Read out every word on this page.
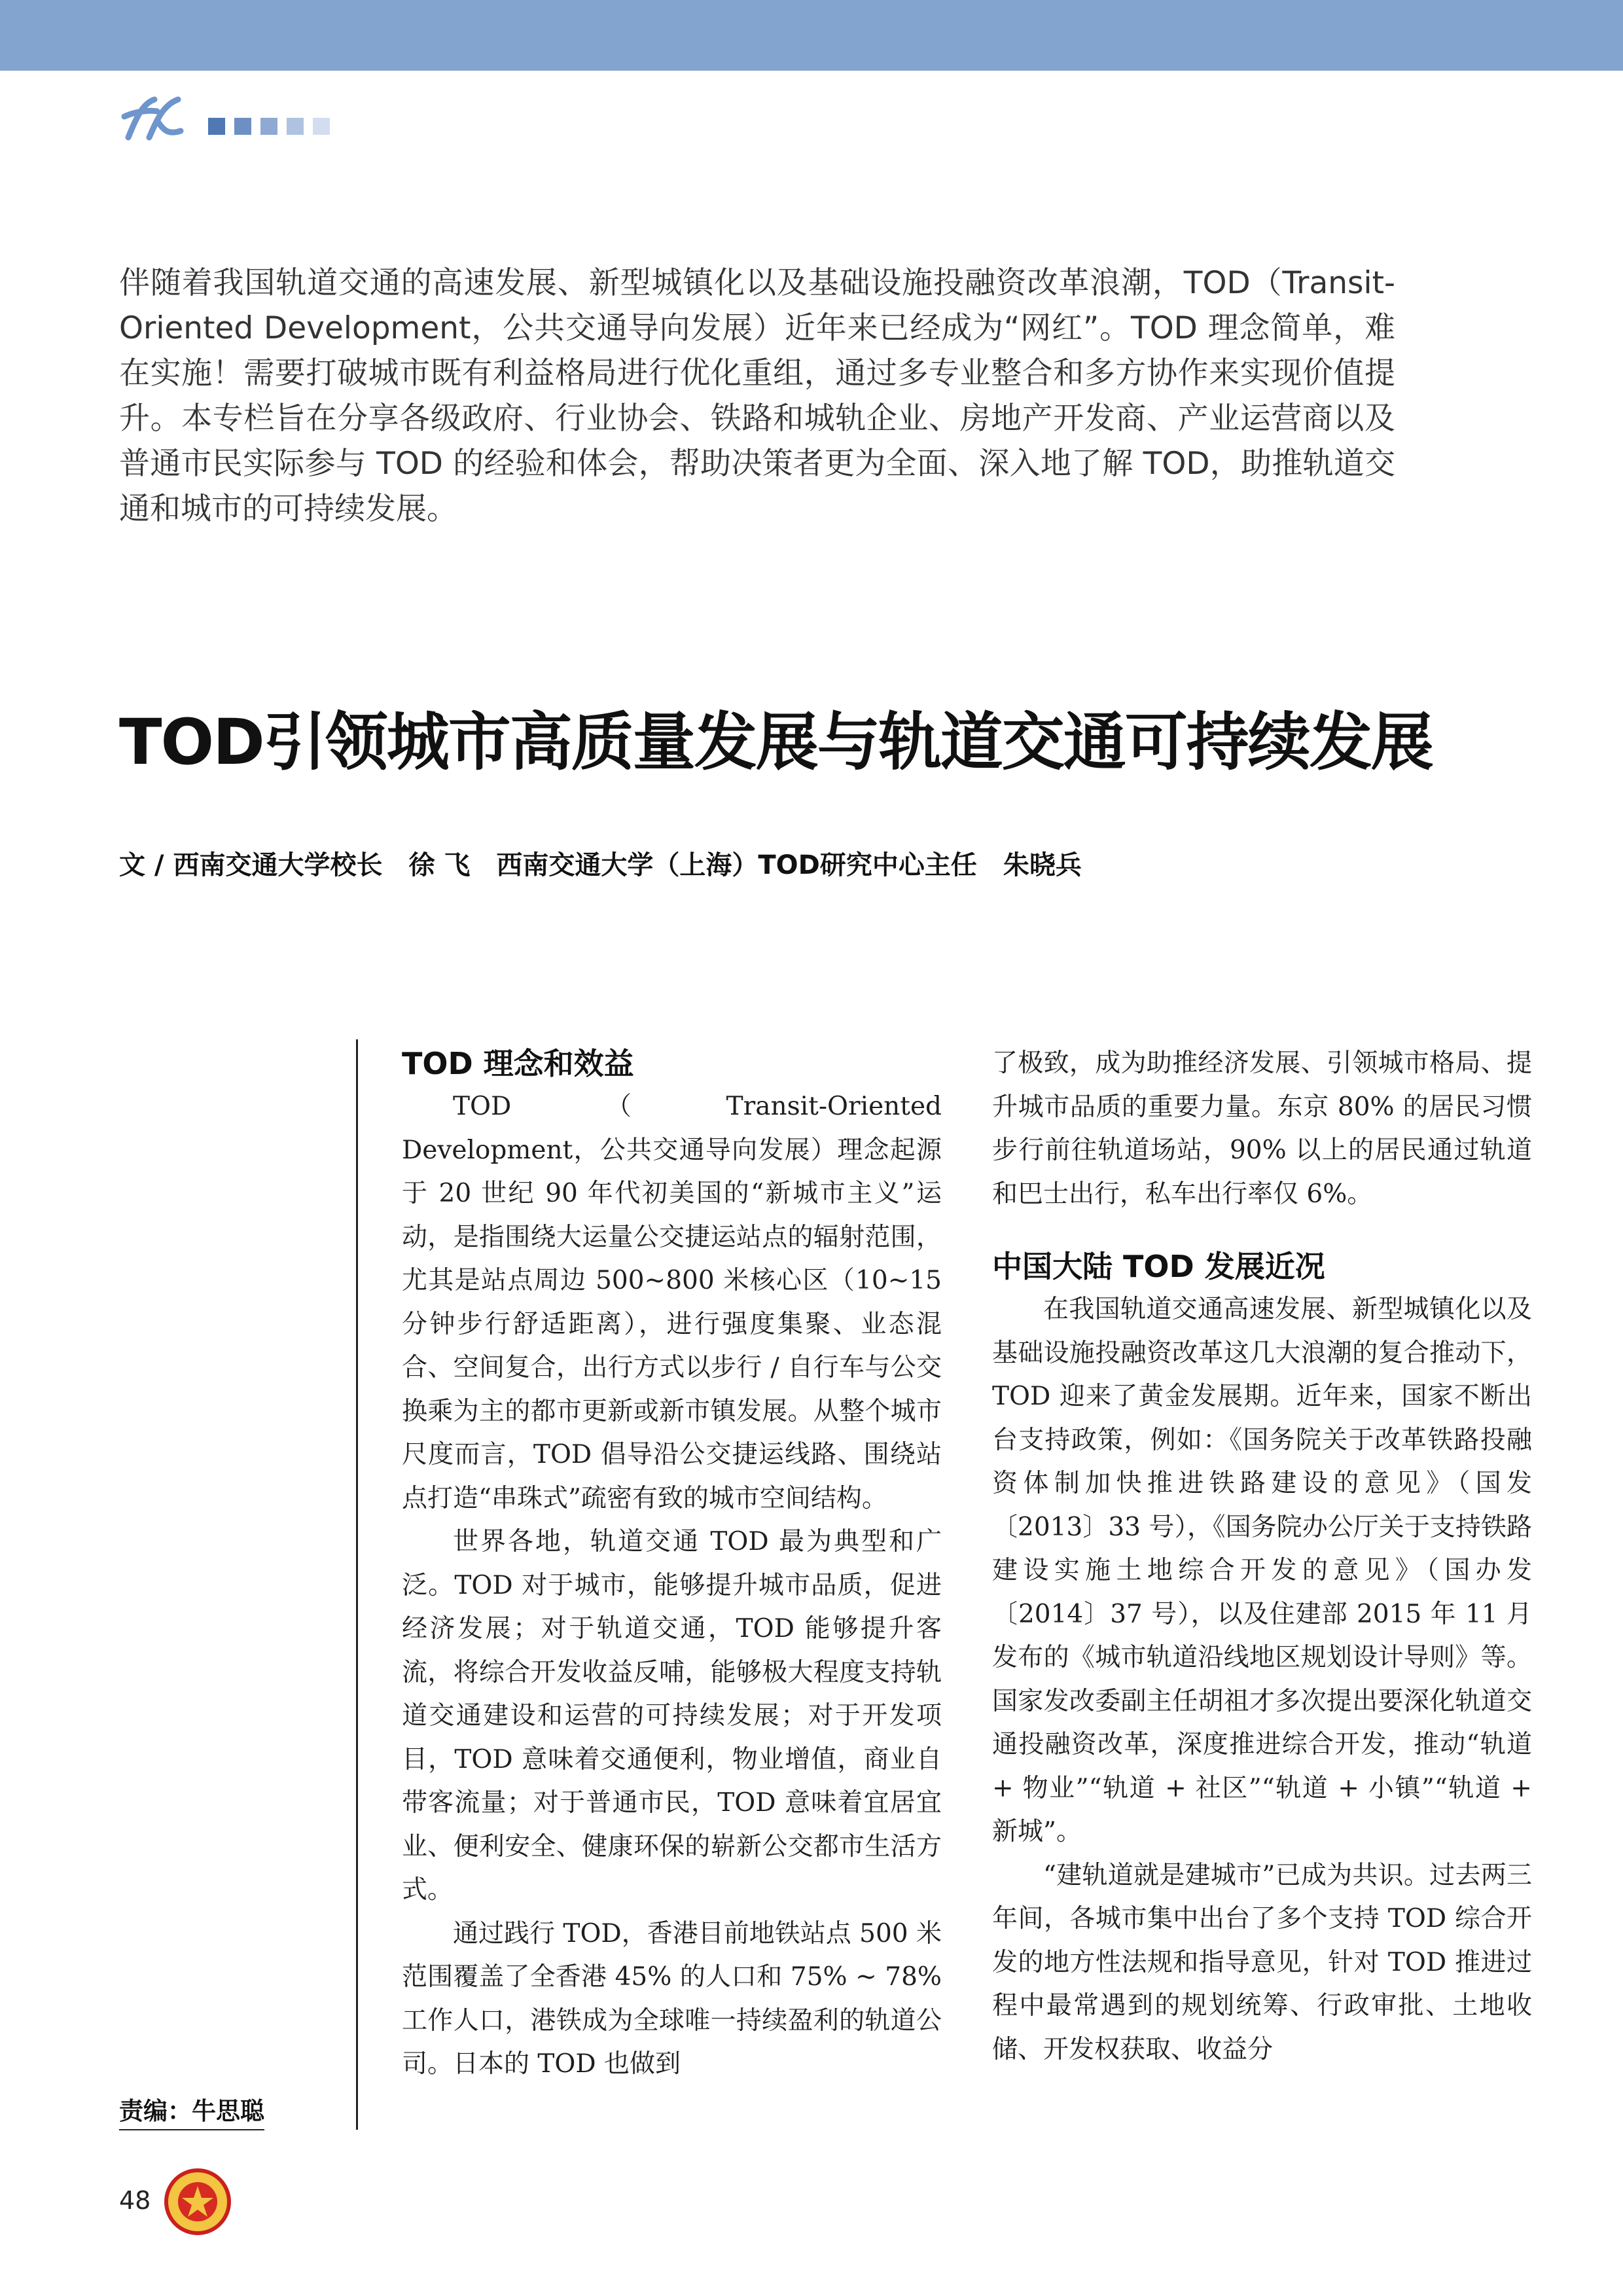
伴随着我国轨道交通的高速发展、新型城镇化以及基础设施投融资改革浪潮，TOD（Transit-Oriented Development，公共交通导向发展）近年来已经成为“网红”。TOD 理念简单，难在实施！需要打破城市既有利益格局进行优化重组，通过多专业整合和多方协作来实现价值提升。本专栏旨在分享各级政府、行业协会、铁路和城轨企业、房地产开发商、产业运营商以及普通市民实际参与 TOD 的经验和体会，帮助决策者更为全面、深入地了解 TOD，助推轨道交通和城市的可持续发展。
TOD引领城市高质量发展与轨道交通可持续发展
文 / 西南交通大学校长　徐 飞　西南交通大学（上海）TOD研究中心主任　朱晓兵
TOD 理念和效益

TOD（Transit-Oriented Development，公共交通导向发展）理念起源于 20 世纪 90 年代初美国的“新城市主义”运动，是指围绕大运量公交捷运站点的辐射范围，尤其是站点周边 500~800 米核心区（10~15 分钟步行舒适距离），进行强度集聚、业态混合、空间复合，出行方式以步行 / 自行车与公交换乘为主的都市更新或新市镇发展。从整个城市尺度而言，TOD 倡导沿公交捷运线路、围绕站点打造“串珠式”疏密有致的城市空间结构。

世界各地，轨道交通 TOD 最为典型和广泛。TOD 对于城市，能够提升城市品质，促进经济发展；对于轨道交通，TOD 能够提升客流，将综合开发收益反哺，能够极大程度支持轨道交通建设和运营的可持续发展；对于开发项目，TOD 意味着交通便利，物业增值，商业自带客流量；对于普通市民，TOD 意味着宜居宜业、便利安全、健康环保的崭新公交都市生活方式。

通过践行 TOD，香港目前地铁站点 500 米范围覆盖了全香港 45% 的人口和 75% ~ 78% 工作人口，港铁成为全球唯一持续盈利的轨道公司。日本的 TOD 也做到

了极致，成为助推经济发展、引领城市格局、提升城市品质的重要力量。东京 80% 的居民习惯步行前往轨道场站，90% 以上的居民通过轨道和巴士出行，私车出行率仅 6%。

中国大陆 TOD 发展近况

在我国轨道交通高速发展、新型城镇化以及基础设施投融资改革这几大浪潮的复合推动下，TOD 迎来了黄金发展期。近年来，国家不断出台支持政策，例如：《国务院关于改革铁路投融资体制加快推进铁路建设的意见》（国发〔2013〕33 号），《国务院办公厅关于支持铁路建设实施土地综合开发的意见》（国办发〔2014〕37 号），以及住建部 2015 年 11 月发布的《城市轨道沿线地区规划设计导则》等。国家发改委副主任胡祖才多次提出要深化轨道交通投融资改革，深度推进综合开发，推动“轨道 + 物业”“轨道 + 社区”“轨道 + 小镇”“轨道 + 新城”。

“建轨道就是建城市”已成为共识。过去两三年间，各城市集中出台了多个支持 TOD 综合开发的地方性法规和指导意见，针对 TOD 推进过程中最常遇到的规划统筹、行政审批、土地收储、开发权获取、收益分

责编：牛思聪
48
